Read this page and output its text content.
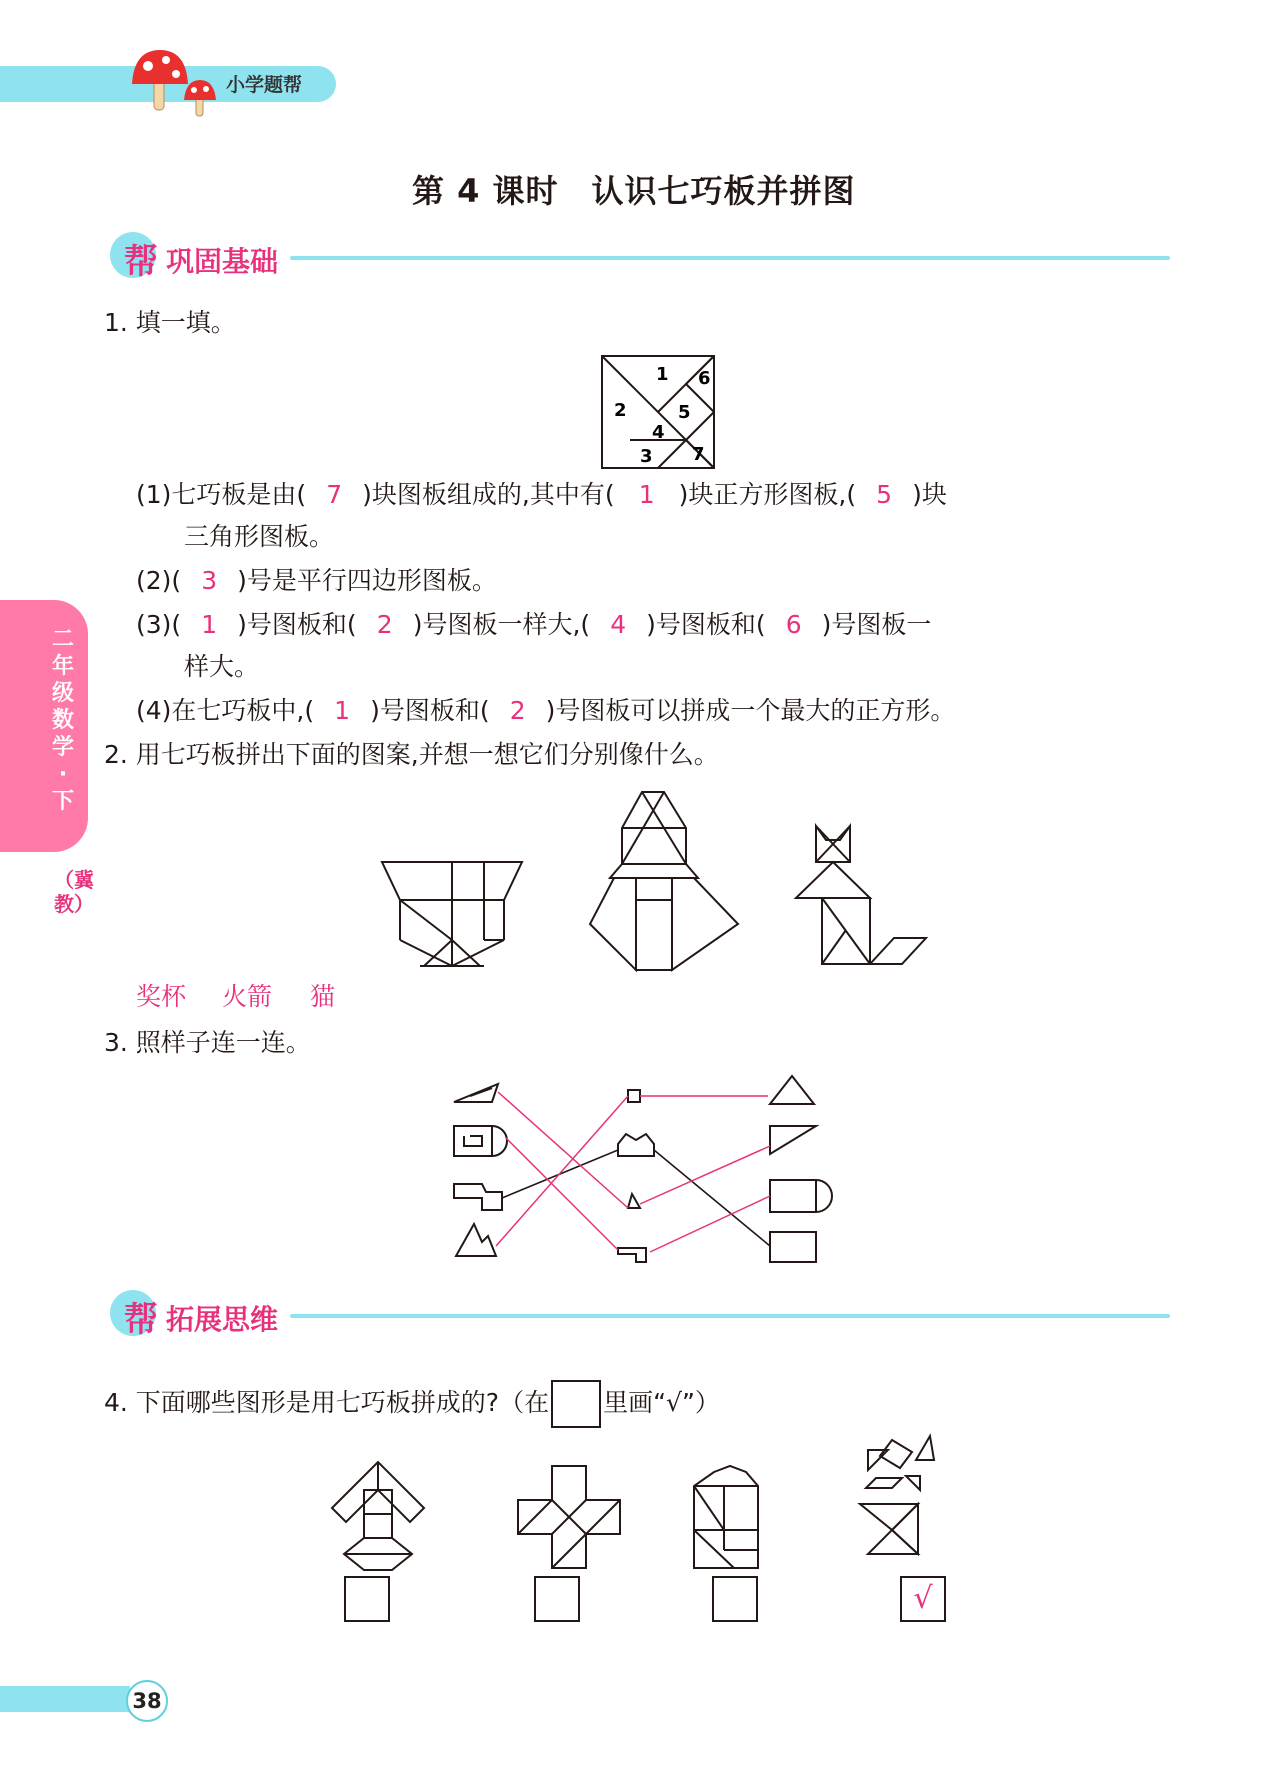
小学题帮
第 4 课时　认识七巧板并拼图
帮 巩固基础
二年级数学·下
（冀教）
1. 填一填。
1
2
3
4
5
6
7
(1)七巧板是由( 7 )块图板组成的,其中有( 1 )块正方形图板,( 5 )块
三角形图板。
(2)( 3 )号是平行四边形图板。
(3)( 1 )号图板和( 2 )号图板一样大,( 4 )号图板和( 6 )号图板一
样大。
(4)在七巧板中,( 1 )号图板和( 2 )号图板可以拼成一个最大的正方形。
2. 用七巧板拼出下面的图案,并想一想它们分别像什么。
奖杯 火箭 猫
3. 照样子连一连。
帮 拓展思维
4. 下面哪些图形是用七巧板拼成的?（在 里画“√”）
√
38
